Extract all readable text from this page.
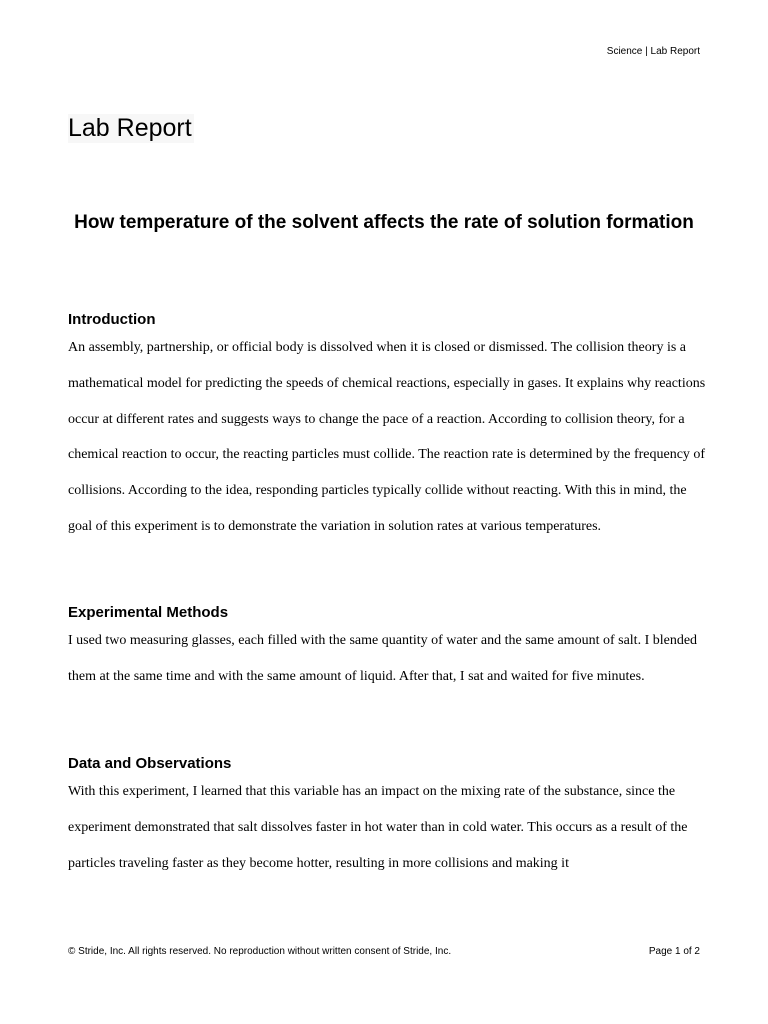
Science | Lab Report
Lab Report
How temperature of the solvent affects the rate of solution formation
Introduction

An assembly, partnership, or official body is dissolved when it is closed or dismissed. The collision theory is a mathematical model for predicting the speeds of chemical reactions, especially in gases. It explains why reactions occur at different rates and suggests ways to change the pace of a reaction. According to collision theory, for a chemical reaction to occur, the reacting particles must collide. The reaction rate is determined by the frequency of collisions. According to the idea, responding particles typically collide without reacting. With this in mind, the goal of this experiment is to demonstrate the variation in solution rates at various temperatures.

Experimental Methods

I used two measuring glasses, each filled with the same quantity of water and the same amount of salt. I blended them at the same time and with the same amount of liquid. After that, I sat and waited for five minutes.

Data and Observations

With this experiment, I learned that this variable has an impact on the mixing rate of the substance, since the experiment demonstrated that salt dissolves faster in hot water than in cold water. This occurs as a result of the particles traveling faster as they become hotter, resulting in more collisions and making it

© Stride, Inc. All rights reserved. No reproduction without written consent of Stride, Inc.	Page 1 of 2
